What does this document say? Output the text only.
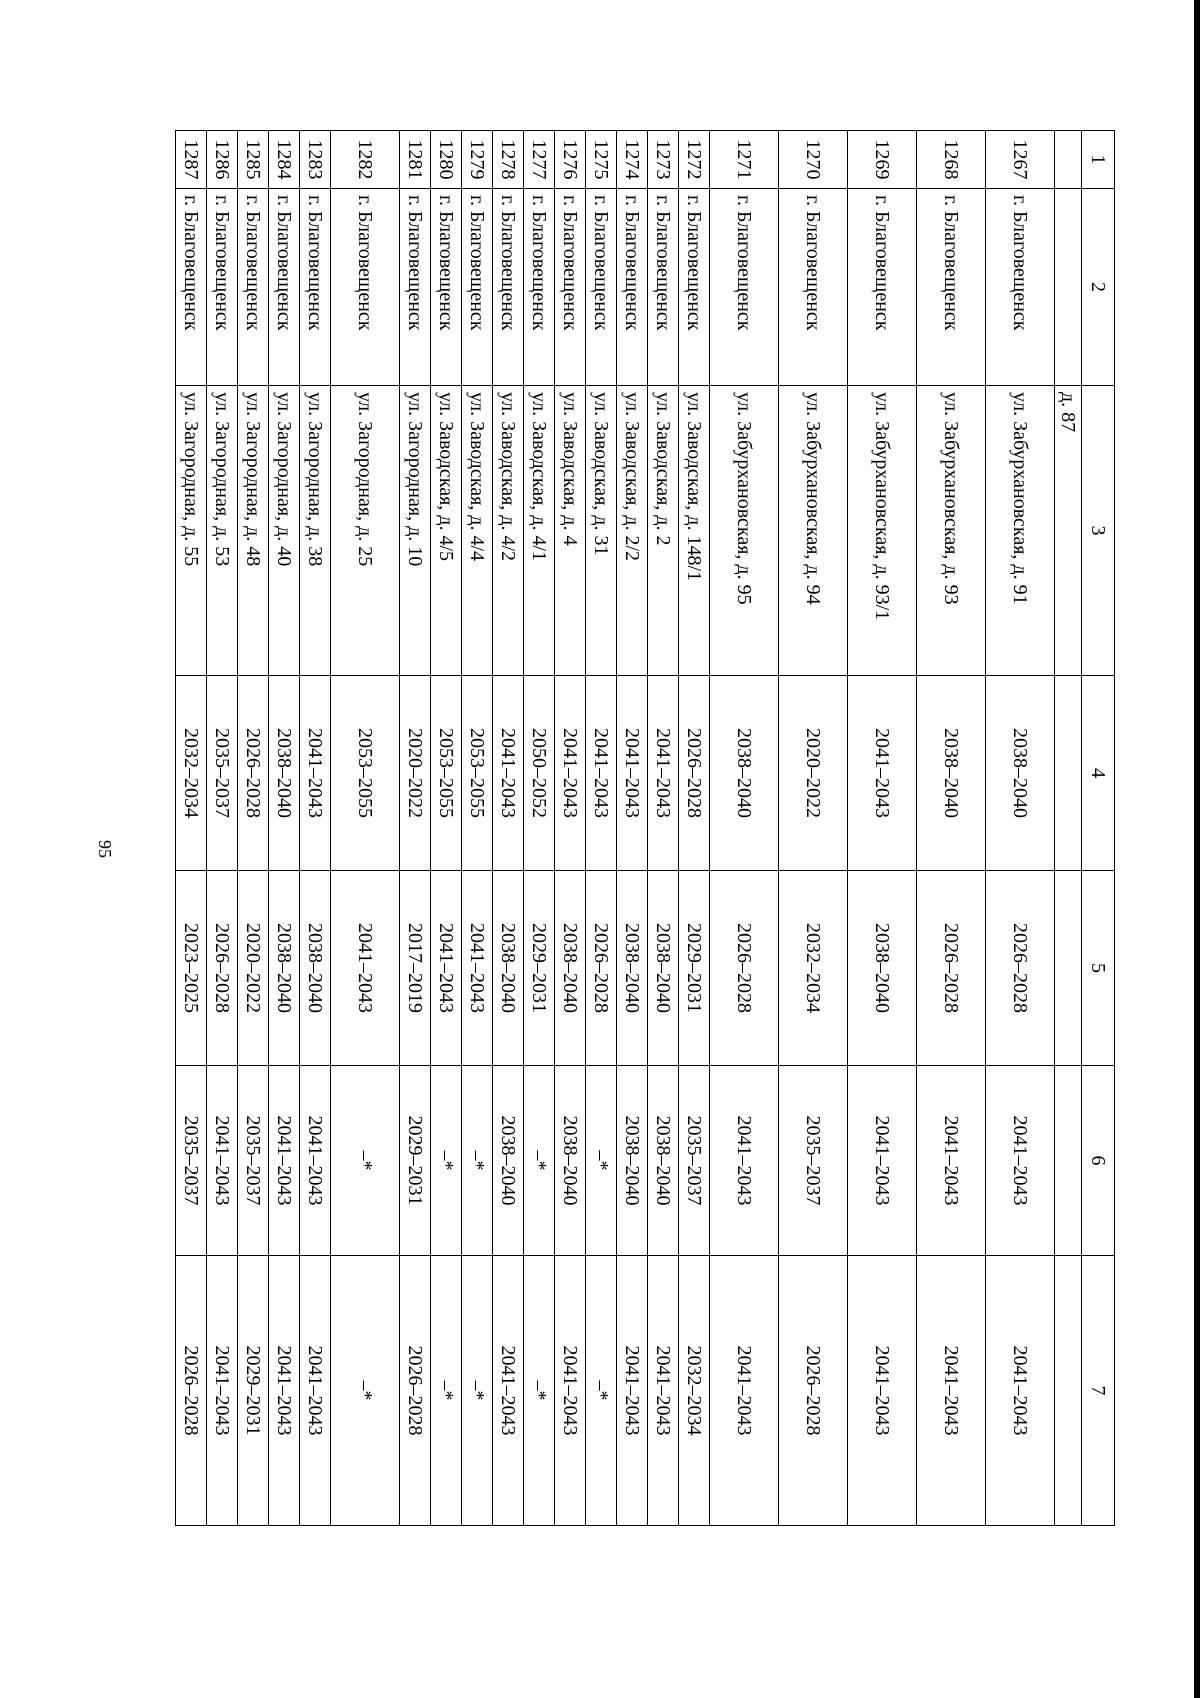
95
1	2	3	4	5	6	7
		д. 87				
1267	г. Благовещенск	ул. Забурхановская, д. 91	2038–2040	2026–2028	2041–2043	2041–2043
1268	г. Благовещенск	ул. Забурхановская, д. 93	2038–2040	2026–2028	2041–2043	2041–2043
1269	г. Благовещенск	ул. Забурхановская, д. 93/1	2041–2043	2038–2040	2041–2043	2041–2043
1270	г. Благовещенск	ул. Забурхановская, д. 94	2020–2022	2032–2034	2035–2037	2026–2028
1271	г. Благовещенск	ул. Забурхановская, д. 95	2038–2040	2026–2028	2041–2043	2041–2043
1272	г. Благовещенск	ул. Заводская, д. 148/1	2026–2028	2029–2031	2035–2037	2032–2034
1273	г. Благовещенск	ул. Заводская, д. 2	2041–2043	2038–2040	2038–2040	2041–2043
1274	г. Благовещенск	ул. Заводская, д. 2/2	2041–2043	2038–2040	2038–2040	2041–2043
1275	г. Благовещенск	ул. Заводская, д. 31	2041–2043	2026–2028	–*	–*
1276	г. Благовещенск	ул. Заводская, д. 4	2041–2043	2038–2040	2038–2040	2041–2043
1277	г. Благовещенск	ул. Заводская, д. 4/1	2050–2052	2029–2031	–*	–*
1278	г. Благовещенск	ул. Заводская, д. 4/2	2041–2043	2038–2040	2038–2040	2041–2043
1279	г. Благовещенск	ул. Заводская, д. 4/4	2053–2055	2041–2043	–*	–*
1280	г. Благовещенск	ул. Заводская, д. 4/5	2053–2055	2041–2043	–*	–*
1281	г. Благовещенск	ул. Загородная, д. 10	2020–2022	2017–2019	2029–2031	2026–2028
1282	г. Благовещенск	ул. Загородная, д. 25	2053–2055	2041–2043	–*	–*
1283	г. Благовещенск	ул. Загородная, д. 38	2041–2043	2038–2040	2041–2043	2041–2043
1284	г. Благовещенск	ул. Загородная, д. 40	2038–2040	2038–2040	2041–2043	2041–2043
1285	г. Благовещенск	ул. Загородная, д. 48	2026–2028	2020–2022	2035–2037	2029–2031
1286	г. Благовещенск	ул. Загородная, д. 53	2035–2037	2026–2028	2041–2043	2041–2043
1287	г. Благовещенск	ул. Загородная, д. 55	2032–2034	2023–2025	2035–2037	2026–2028
